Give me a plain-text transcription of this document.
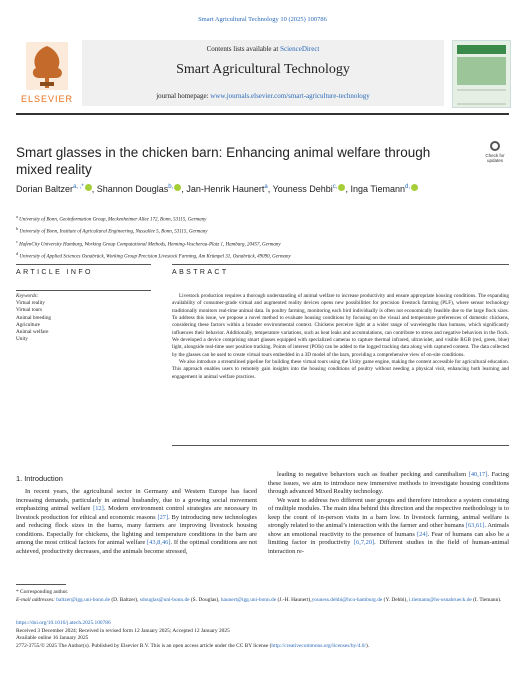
Smart Agricultural Technology 10 (2025) 100786
ELSEVIER
Contents lists available at ScienceDirect
Smart Agricultural Technology
journal homepage: www.journals.elsevier.com/smart-agriculture-technology
Check for
updates
Smart glasses in the chicken barn: Enhancing animal welfare through mixed reality
Dorian Baltzer$^{a, ,*}$ , Shannon Douglas$^{b,}$ , Jan-Henrik Haunert$^a$, Youness Dehbi$^{c,}$ , Inga Tiemann$^{d,}$
$^a$ University of Bonn, Geoinformation Group, Meckenheimer Allee 172, Bonn, 53115, Germany
$^b$ University of Bonn, Institute of Agricultural Engineering, Nussallee 5, Bonn, 53115, Germany
$^c$ HafenCity University Hamburg, Working Group Computational Methods, Henning-Voscherau-Platz 1, Hamburg, 20457, Germany
$^d$ University of Applied Sciences Osnabrück, Working Group Precision Livestock Farming, Am Krümpel 31, Osnabrück, 49090, Germany
ARTICLE INFO	ABSTRACT
Keywords:
Virtual reality
Virtual tours
Animal breeding
Agriculture
Animal welfare
Unity

Livestock production requires a thorough understanding of animal welfare to increase productivity and ensure appropriate housing conditions. The expanding availability of consumer-grade virtual and augmented reality devices opens new possibilities for precision livestock farming (PLF), where sensor technology traditionally monitors real-time animal data. In poultry farming, monitoring each bird individually is often not economically feasible due to the large flock sizes. To address this issue, we propose a novel method to evaluate housing conditions by focusing on the visual and temperature preferences of domestic chickens, considering these factors within a broader environmental context. Chickens perceive light at a wider range of wavelengths than humans, which significantly influences their behavior. Additionally, temperature variations, such as heat leaks and accumulations, can contribute to stress and negative behaviors in the flock. We developed a device comprising smart glasses equipped with specialized cameras to capture thermal infrared, ultraviolet, and visible RGB (red, green, blue) light, alongside real-time user position tracking. Points of interest (POIs) can be added to the logged tracking data along with captured content. The data collected by the glasses can be used to create virtual tours embedded in a 3D model of the barn, providing a comprehensive view of on-site conditions.

We also introduce a streamlined pipeline for building these virtual tours using the Unity game engine, making the content accessible for agricultural education. This approach enables users to remotely gain insights into the housing conditions of poultry without needing a physical visit, enhancing both learning and engagement in animal welfare practices.

1. Introduction

In recent years, the agricultural sector in Germany and Western Europe has faced increasing demands, particularly in animal husbandry, due to a growing social movement emphasizing animal welfare [12]. Modern environment control strategies are necessary in livestock production for ethical and economic reasons [27]. By introducing new technologies and reducing flock sizes in the barns, many farmers are improving livestock housing conditions. Especially for chickens, the lighting and temperature conditions in the barn are among the most critical factors for animal welfare [43,8,46]. If the optimal conditions are not achieved, productivity decreases, and the animals become stressed,

leading to negative behaviors such as feather pecking and cannibalism [40,17]. Facing these issues, we aim to introduce new immersive methods to investigate housing conditions through advanced Mixed Reality technology.

We want to address two different user groups and therefore introduce a system consisting of multiple modules. The main idea behind this direction and the respective methodology is to keep the count of in-person visits in a barn low. In livestock farming, animal welfare is strongly related to the animal’s interaction with the farmer and other humans [63,61]. Animals show an emotional reactivity to the presence of humans [24]. Fear of humans can also be a limiting factor in productivity [6,7,20]. Different studies in the field of human-animal interaction re-

* Corresponding author.
E-mail addresses: baltzer@igg.uni-bonn.de (D. Baltzer), sdouglas@uni-bonn.de (S. Douglas), haunert@igg.uni-bonn.de (J.-H. Haunert),youness.dehbi@hcu-hamburg.de (Y. Dehbi), i.tiemann@hs-osnabrueck.de (I. Tiemann).
https://doi.org/10.1016/j.atech.2025.100786
Received 3 December 2024; Received in revised form 12 January 2025; Accepted 12 January 2025
Available online 16 January 2025
2772-3755/© 2025 The Author(s). Published by Elsevier B.V. This is an open access article under the CC BY license (http://creativecommons.org/licenses/by/4.0/).
